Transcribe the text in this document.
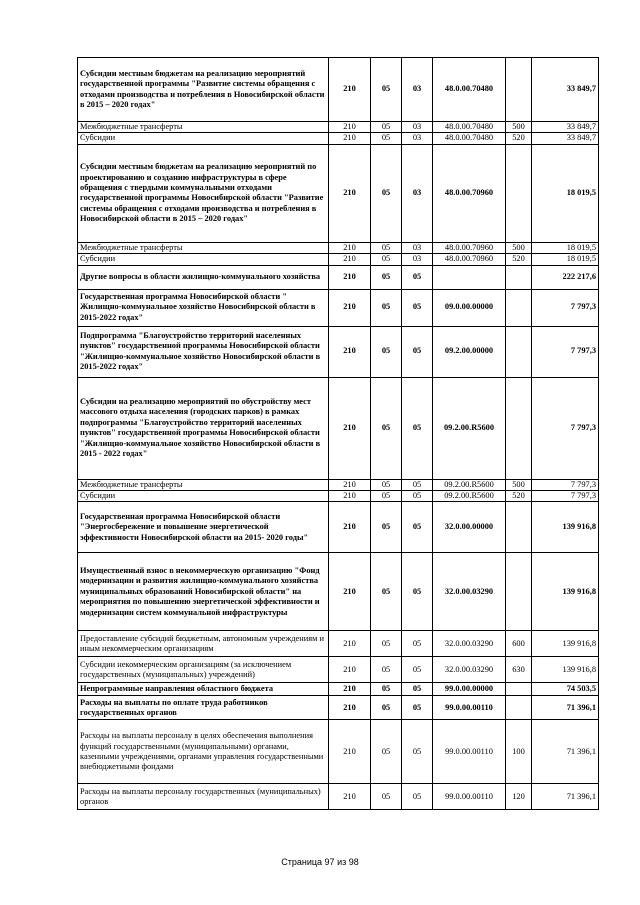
Субсидии местным бюджетам на реализацию мероприятий государственной программы "Развитие системы обращения с отходами производства и потребления в Новосибирской области в 2015 – 2020 годах"	210	05	03	48.0.00.70480		33 849,7
Межбюджетные трансферты	210	05	03	48.0.00.70480	500	33 849,7
Субсидии	210	05	03	48.0.00.70480	520	33 849,7
Субсидии местным бюджетам на реализацию мероприятий по проектированию и созданию инфраструктуры в сфере обращения с твердыми коммунальными отходами государственной программы Новосибирской области "Развитие системы обращения с отходами производства и потребления в Новосибирской области в 2015 – 2020 годах"	210	05	03	48.0.00.70960		18 019,5
Межбюджетные трансферты	210	05	03	48.0.00.70960	500	18 019,5
Субсидии	210	05	03	48.0.00.70960	520	18 019,5
Другие вопросы в области жилищно-коммунального хозяйства	210	05	05			222 217,6
Государственная программа Новосибирской области " Жилищно-коммунальное хозяйство Новосибирской области в 2015-2022 годах"	210	05	05	09.0.00.00000		7 797,3
Подпрограмма "Благоустройство территорий населенных пунктов" государственной программы Новосибирской области "Жилищно-коммунальное хозяйство Новосибирской области в 2015-2022 годах"	210	05	05	09.2.00.00000		7 797,3
Субсидии на реализацию мероприятий по обустройству мест массового отдыха населения (городских парков) в рамках подпрограммы "Благоустройство территорий населенных пунктов" государственной программы Новосибирской области "Жилищно-коммунальное хозяйство Новосибирской области в 2015 - 2022 годах"	210	05	05	09.2.00.R5600		7 797,3
Межбюджетные трансферты	210	05	05	09.2.00.R5600	500	7 797,3
Субсидии	210	05	05	09.2.00.R5600	520	7 797,3
Государственная программа Новосибирской области "Энергосбережение и повышение энергетической эффективности Новосибирской области на 2015- 2020 годы"	210	05	05	32.0.00.00000		139 916,8
Имущественный взнос в некоммерческую организацию "Фонд модернизации и развития жилищно-коммунального хозяйства муниципальных образований Новосибирской области" на мероприятия по повышению энергетической эффективности и модернизации систем коммунальной инфраструктуры	210	05	05	32.0.00.03290		139 916,8
Предоставление субсидий бюджетным, автономным учреждениям и иным некоммерческим организациям	210	05	05	32.0.00.03290	600	139 916,8
Субсидии некоммерческим организациям (за исключением государственных (муниципальных) учреждений)	210	05	05	32.0.00.03290	630	139 916,8
Непрограммные направления областного бюджета	210	05	05	99.0.00.00000		74 503,5
Расходы на выплаты по оплате труда работников государственных органов	210	05	05	99.0.00.00110		71 396,1
Расходы на выплаты персоналу в целях обеспечения выполнения функций государственными (муниципальными) органами, казенными учреждениями, органами управления государственными внебюджетными фондами	210	05	05	99.0.00.00110	100	71 396,1
Расходы на выплаты персоналу государственных (муниципальных) органов	210	05	05	99.0.00.00110	120	71 396,1
Страница 97 из 98
